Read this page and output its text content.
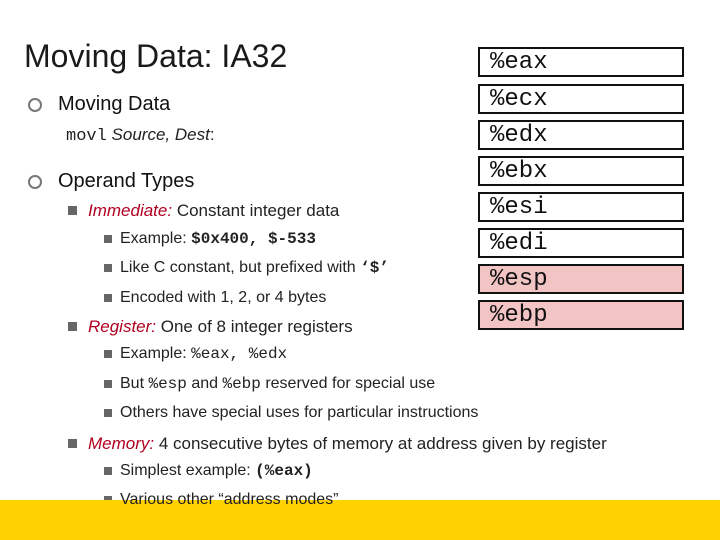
Moving Data: IA32
Moving Data
movl Source, Dest:
Operand Types
Immediate: Constant integer data
Example: $0x400, $-533
Like C constant, but prefixed with ‘$’
Encoded with 1, 2, or 4 bytes
Register: One of 8 integer registers
Example: %eax, %edx
But %esp and %ebp reserved for special use
Others have special uses for particular instructions
Memory: 4 consecutive bytes of memory at address given by register
Simplest example: (%eax)
Various other “address modes”
%eax
%ecx
%edx
%ebx
%esi
%edi
%esp
%ebp
